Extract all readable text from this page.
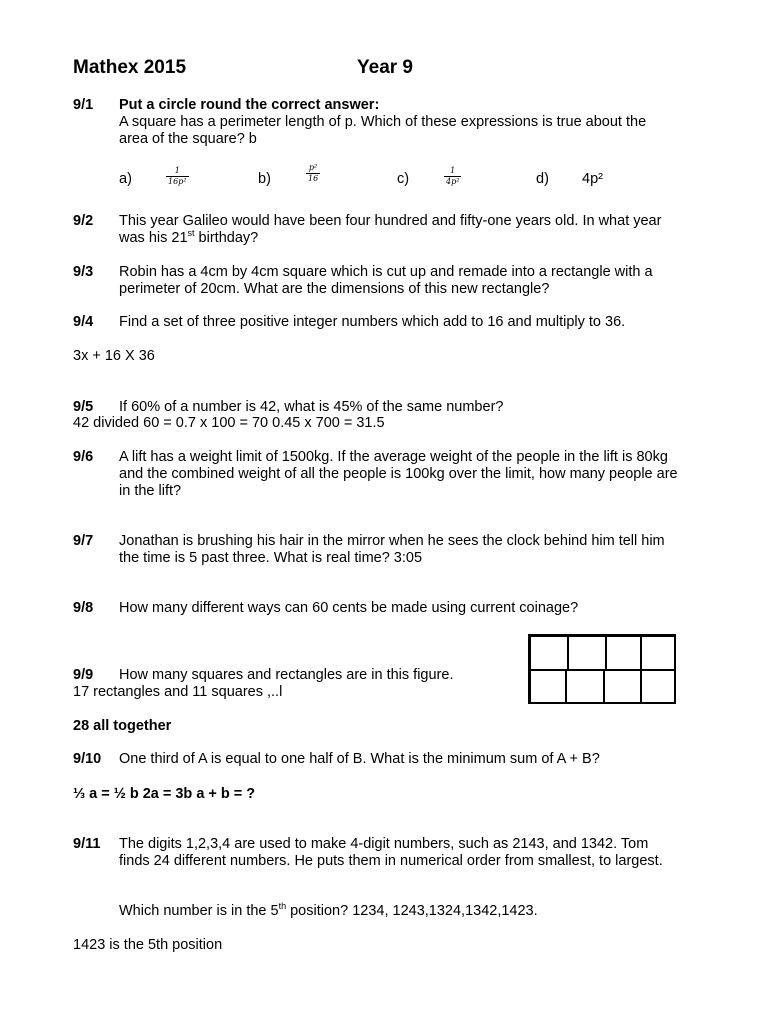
Mathex 2015	Year 9
9/1	Put a circle round the correct answer:
A square has a perimeter length of p. Which of these expressions is true about the area of the square? b
a)
1
16p²	b)
p²
16	c)
1
4p²	d) 4p²
9/2	This year Galileo would have been four hundred and fifty-one years old. In what year was his 21st birthday?
9/3	Robin has a 4cm by 4cm square which is cut up and remade into a rectangle with a perimeter of 20cm. What are the dimensions of this new rectangle?
9/4	Find a set of three positive integer numbers which add to 16 and multiply to 36.
3x + 16 X 36
9/5	If 60% of a number is 42, what is 45% of the same number?
42 divided 60 = 0.7 x 100 = 70 0.45 x 700 = 31.5
9/6	A lift has a weight limit of 1500kg. If the average weight of the people in the lift is 80kg and the combined weight of all the people is 100kg over the limit, how many people are in the lift?
9/7	Jonathan is brushing his hair in the mirror when he sees the clock behind him tell him the time is 5 past three. What is real time? 3:05
9/8	How many different ways can 60 cents be made using current coinage?
9/9	How many squares and rectangles are in this figure.
17 rectangles and 11 squares ,..l
28 all together
9/10	One third of A is equal to one half of B. What is the minimum sum of A + B?
⅓ a = ½ b 2a = 3b a + b = ?
9/11	The digits 1,2,3,4 are used to make 4-digit numbers, such as 2143, and 1342. Tom finds 24 different numbers. He puts them in numerical order from smallest, to largest.
Which number is in the 5th position? 1234, 1243,1324,1342,1423.
1423 is the 5th position
